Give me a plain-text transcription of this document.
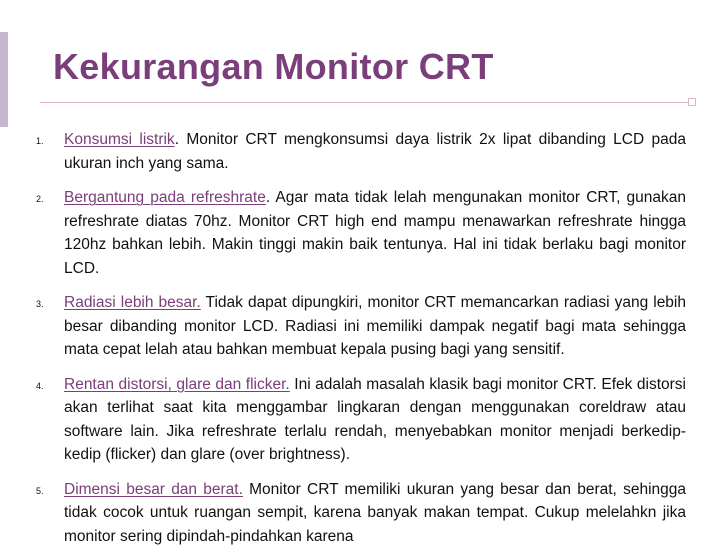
Kekurangan Monitor CRT
1. Konsumsi listrik. Monitor CRT mengkonsumsi daya listrik 2x lipat dibanding LCD pada ukuran inch yang sama.
2. Bergantung pada refreshrate. Agar mata tidak lelah mengunakan monitor CRT, gunakan refreshrate diatas 70hz. Monitor CRT high end mampu menawarkan refreshrate hingga 120hz bahkan lebih. Makin tinggi makin baik tentunya. Hal ini tidak berlaku bagi monitor LCD.
3. Radiasi lebih besar. Tidak dapat dipungkiri, monitor CRT memancarkan radiasi yang lebih besar dibanding monitor LCD. Radiasi ini memiliki dampak negatif bagi mata sehingga mata cepat lelah atau bahkan membuat kepala pusing bagi yang sensitif.
4. Rentan distorsi, glare dan flicker. Ini adalah masalah klasik bagi monitor CRT. Efek distorsi akan terlihat saat kita menggambar lingkaran dengan menggunakan coreldraw atau software lain. Jika refreshrate terlalu rendah, menyebabkan monitor menjadi berkedip-kedip (flicker) dan glare (over brightness).
5. Dimensi besar dan berat. Monitor CRT memiliki ukuran yang besar dan berat, sehingga tidak cocok untuk ruangan sempit, karena banyak makan tempat. Cukup melelahkn jika monitor sering dipindah-pindahkan karena
